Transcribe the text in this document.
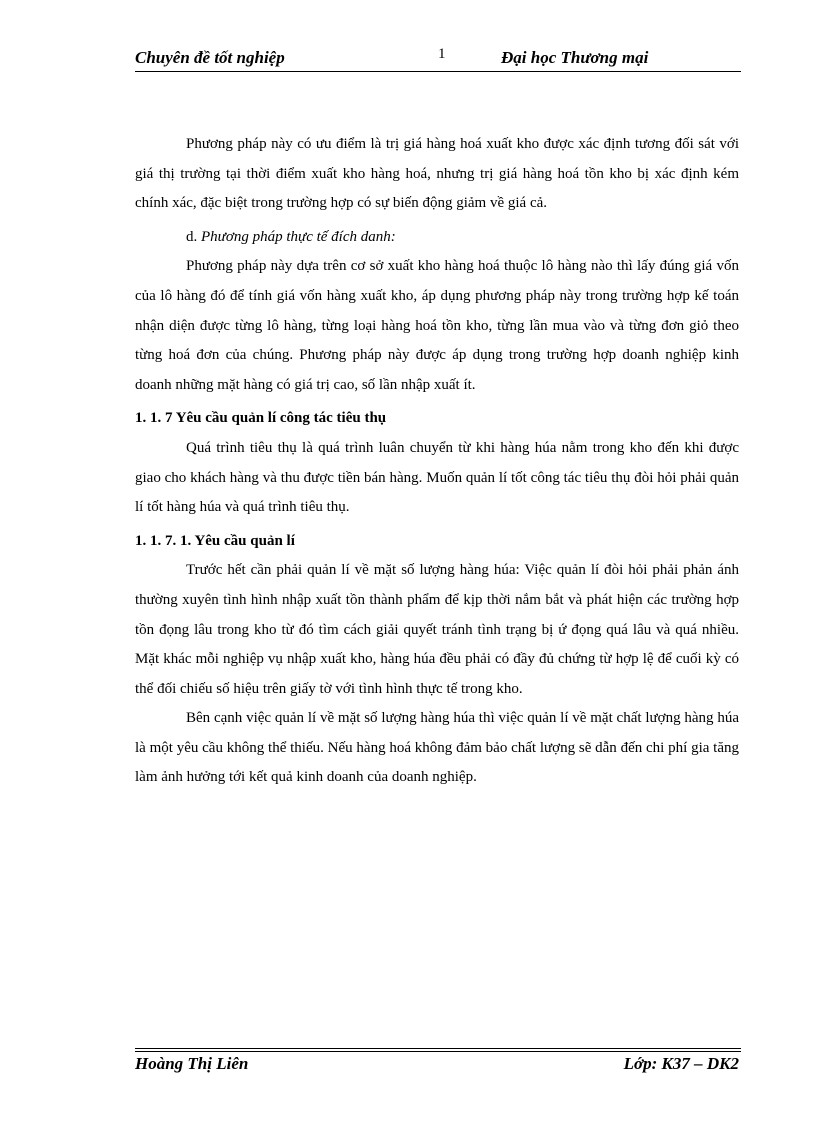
Chuyên đề tốt nghiệp	1	Đại học Thương mại

Phương pháp này có ưu điểm là trị giá hàng hoá xuất kho được xác định tương đối sát với giá thị trường tại thời điểm xuất kho hàng hoá, nhưng trị giá hàng hoá tồn kho bị xác định kém chính xác, đặc biệt trong trường hợp có sự biến động giảm về giá cả.

d. Phương pháp thực tế đích danh:

Phương pháp này dựa trên cơ sở xuất kho hàng hoá thuộc lô hàng nào thì lấy đúng giá vốn của lô hàng đó để tính giá vốn hàng xuất kho, áp dụng phương pháp này trong trường hợp kế toán nhận diện được từng lô hàng, từng loại hàng hoá tồn kho, từng lần mua vào và từng đơn giỏ theo từng hoá đơn của chúng. Phương pháp này được áp dụng trong trường hợp doanh nghiệp kinh doanh những mặt hàng có giá trị cao, số lần nhập xuất ít.

1. 1. 7 Yêu cầu quản lí công tác tiêu thụ

Quá trình tiêu thụ là quá trình luân chuyển từ khi hàng húa nằm trong kho đến khi được giao cho khách hàng và thu được tiền bán hàng. Muốn quản lí tốt công tác tiêu thụ đòi hỏi phải quản lí tốt hàng húa và quá trình tiêu thụ.

1. 1. 7. 1. Yêu cầu quản lí

Trước hết cần phải quản lí về mặt số lượng hàng húa: Việc quản lí đòi hỏi phải phản ánh thường xuyên tình hình nhập xuất tồn thành phẩm để kịp thời nắm bắt và phát hiện các trường hợp tồn đọng lâu trong kho từ đó tìm cách giải quyết tránh tình trạng bị ứ đọng quá lâu và quá nhiều. Mặt khác mỗi nghiệp vụ nhập xuất kho, hàng húa đều phải có đầy đủ chứng từ hợp lệ để cuối kỳ có thể đối chiếu số hiệu trên giấy tờ với tình hình thực tế trong kho.

Bên cạnh việc quản lí về mặt số lượng hàng húa thì việc quản lí về mặt chất lượng hàng húa là một yêu cầu không thể thiếu. Nếu hàng hoá không đảm bảo chất lượng sẽ dẫn đến chi phí gia tăng làm ảnh hưởng tới kết quả kinh doanh của doanh nghiệp.

Hoàng Thị Liên	Lớp: K37 – DK2
